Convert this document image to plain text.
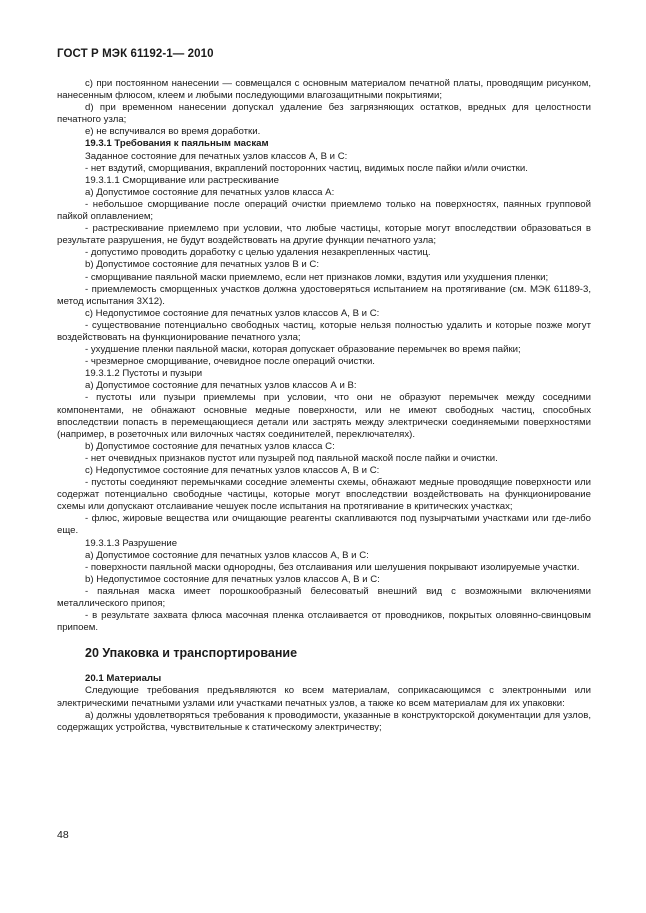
ГОСТ Р МЭК 61192-1— 2010

с) при постоянном нанесении — совмещался с основным материалом печатной платы, проводящим рисунком, нанесенным флюсом, клеем и любыми последующими влагозащитными покрытиями;

d) при временном нанесении допускал удаление без загрязняющих остатков, вредных для целостности печатного узла;

е) не вспучивался во время доработки.

19.3.1 Требования к паяльным маскам

Заданное состояние для печатных узлов классов А, В и С:

- нет вздутий, сморщивания, вкраплений посторонних частиц, видимых после пайки и/или очистки.

19.3.1.1 Сморщивание или растрескивание

а) Допустимое состояние для печатных узлов класса А:

- небольшое сморщивание после операций очистки приемлемо только на поверхностях, паянных групповой пайкой оплавлением;

- растрескивание приемлемо при условии, что любые частицы, которые могут впоследствии образоваться в результате разрушения, не будут воздействовать на другие функции печатного узла;

- допустимо проводить доработку с целью удаления незакрепленных частиц.

b) Допустимое состояние для печатных узлов В и С:

- сморщивание паяльной маски приемлемо, если нет признаков ломки, вздутия или ухудшения пленки;

- приемлемость сморщенных участков должна удостоверяться испытанием на протягивание (см. МЭК 61189-3, метод испытания 3Х12).

с) Недопустимое состояние для печатных узлов классов А, В и С:

- существование потенциально свободных частиц, которые нельзя полностью удалить и которые позже могут воздействовать на функционирование печатного узла;

- ухудшение пленки паяльной маски, которая допускает образование перемычек во время пайки;

- чрезмерное сморщивание, очевидное после операций очистки.

19.3.1.2 Пустоты и пузыри

а) Допустимое состояние для печатных узлов классов А и В:

- пустоты или пузыри приемлемы при условии, что они не образуют перемычек между соседними компонентами, не обнажают основные медные поверхности, или не имеют свободных частиц, способных впоследствии попасть в перемещающиеся детали или застрять между электрически соединяемыми поверхностями (например, в розеточных или вилочных частях соединителей, переключателях).

b) Допустимое состояние для печатных узлов класса С:

- нет очевидных признаков пустот или пузырей под паяльной маской после пайки и очистки.

с) Недопустимое состояние для печатных узлов классов А, В и С:

- пустоты соединяют перемычками соседние элементы схемы, обнажают медные проводящие поверхности или содержат потенциально свободные частицы, которые могут впоследствии воздействовать на функционирование схемы или допускают отслаивание чешуек после испытания на протягивание в критических участках;

- флюс, жировые вещества или очищающие реагенты скапливаются под пузырчатыми участками или где-либо еще.

19.3.1.3 Разрушение

а) Допустимое состояние для печатных узлов классов А, В и С:

- поверхности паяльной маски однородны, без отслаивания или шелушения покрывают изолируемые участки.

b) Недопустимое состояние для печатных узлов классов А, В и С:

- паяльная маска имеет порошкообразный белесоватый внешний вид с возможными включениями металлического припоя;

- в результате захвата флюса масочная пленка отслаивается от проводников, покрытых оловянно-свинцовым припоем.

20 Упаковка и транспортирование

20.1 Материалы

Следующие требования предъявляются ко всем материалам, соприкасающимся с электронными или электрическими печатными узлами или участками печатных узлов, а также ко всем материалам для их упаковки:

а) должны удовлетворяться требования к проводимости, указанные в конструкторской документации для узлов, содержащих устройства, чувствительные к статическому электричеству;

48
